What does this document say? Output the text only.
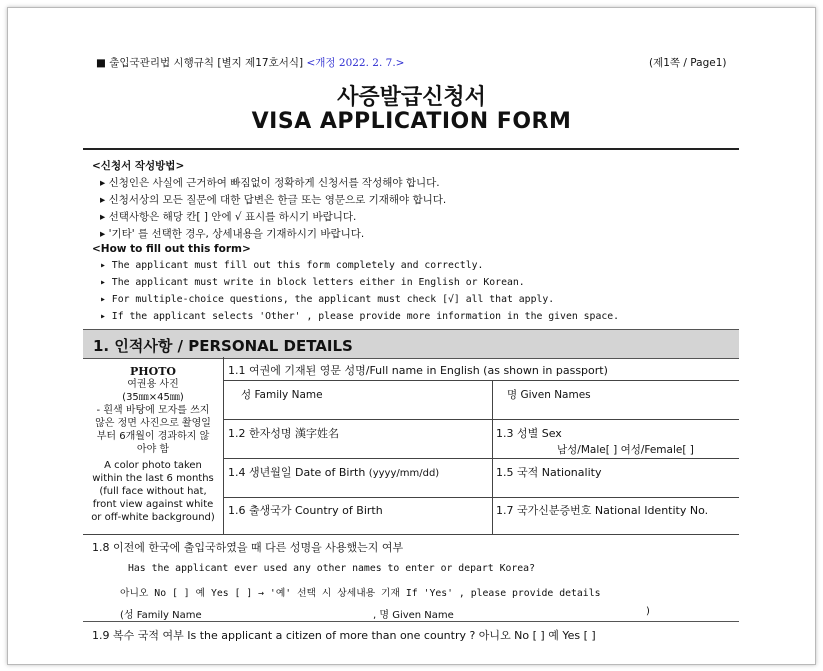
■ 출입국관리법 시행규칙 [별지 제17호서식] <개정 2022. 2. 7.>	(제1쪽 / Page1)
사증발급신청서
VISA APPLICATION FORM
<신청서 작성방법>
▸ 신청인은 사실에 근거하여 빠짐없이 정확하게 신청서를 작성해야 합니다.
▸ 신청서상의 모든 질문에 대한 답변은 한글 또는 영문으로 기재해야 합니다.
▸ 선택사항은 해당 칸[ ] 안에 √ 표시를 하시기 바랍니다.
▸ '기타' 를 선택한 경우, 상세내용을 기재하시기 바랍니다.
<How to fill out this form>
▸ The applicant must fill out this form completely and correctly.
▸ The applicant must write in block letters either in English or Korean.
▸ For multiple-choice questions, the applicant must check [√] all that apply.
▸ If the applicant selects 'Other' , please provide more information in the given space.
1. 인적사항 / PERSONAL DETAILS
PHOTO
여권용 사진
(35㎜×45㎜)
- 흰색 바탕에 모자를 쓰지
않은 정면 사진으로 촬영일
부터 6개월이 경과하지 않
아야 함
A color photo taken
within the last 6 months
(full face without hat,
front view against white
or off-white background)
1.1 여권에 기재된 영문 성명/Full name in English (as shown in passport)
성 Family Name	명 Given Names
1.2 한자성명 漢字姓名	1.3 성별 Sex
남성/Male[ ] 여성/Female[ ]
1.4 생년월일 Date of Birth (yyyy/mm/dd)	1.5 국적 Nationality
1.6 출생국가 Country of Birth	1.7 국가신분증번호 National Identity No.
1.8 이전에 한국에 출입국하였을 때 다른 성명을 사용했는지 여부
Has the applicant ever used any other names to enter or depart Korea?
아니오 No [ ] 예 Yes [ ] → '예' 선택 시 상세내용 기재 If 'Yes' , please provide details
(성 Family Name	, 명 Given Name	)
1.9 복수 국적 여부 Is the applicant a citizen of more than one country ? 아니오 No [ ] 예 Yes [ ]
